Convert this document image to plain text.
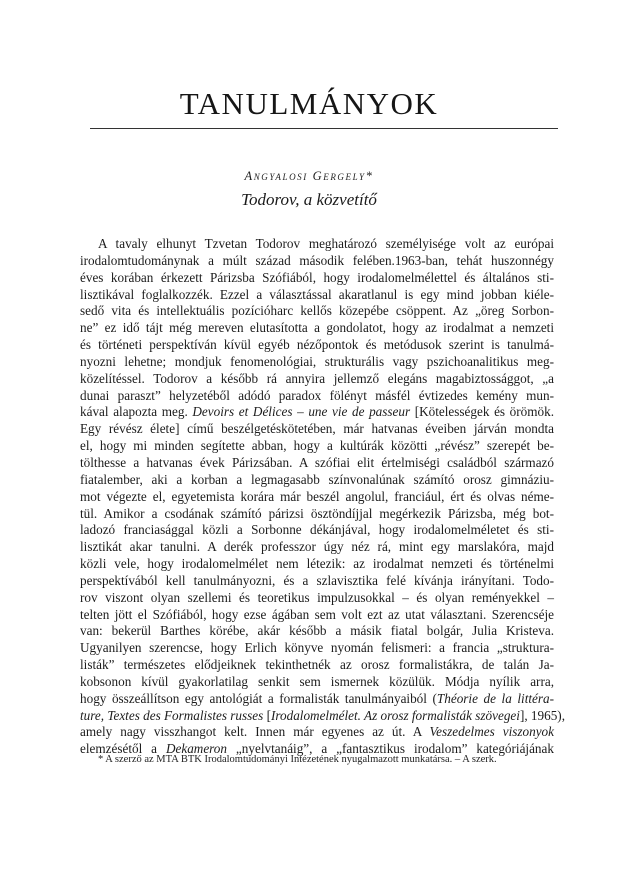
TANULMÁNYOK
Angyalosi Gergely*
Todorov, a közvetítő
A tavaly elhunyt Tzvetan Todorov meghatározó személyisége volt az európai
irodalomtudománynak a múlt század második felében.1963-ban, tehát huszonnégy
éves korában érkezett Párizsba Szófiából, hogy irodalomelmélettel és általános sti-
lisztikával foglalkozzék. Ezzel a választással akaratlanul is egy mind jobban kiéle-
sedő vita és intellektuális pozícióharc kellős közepébe csöppent. Az „öreg Sorbon-
ne” ez idő tájt még mereven elutasította a gondolatot, hogy az irodalmat a nemzeti
és történeti perspektíván kívül egyéb nézőpontok és metódusok szerint is tanulmá-
nyozni lehetne; mondjuk fenomenológiai, strukturális vagy pszichoanalitikus meg-
közelítéssel. Todorov a később rá annyira jellemző elegáns magabiztossággot, „a
dunai paraszt” helyzetéből adódó paradox fölényt másfél évtizedes kemény mun-
kával alapozta meg. Devoirs et Délices – une vie de passeur [Kötelességek és örömök.
Egy révész élete] című beszélgetéskötetében, már hatvanas éveiben járván mondta
el, hogy mi minden segítette abban, hogy a kultúrák közötti „révész” szerepét be-
tölthesse a hatvanas évek Párizsában. A szófiai elit értelmiségi családból származó
fiatalember, aki a korban a legmagasabb színvonalúnak számító orosz gimnáziu-
mot végezte el, egyetemista korára már beszél angolul, franciául, ért és olvas néme-
tül. Amikor a csodának számító párizsi ösztöndíjjal megérkezik Párizsba, még bot-
ladozó franciasággal közli a Sorbonne dékánjával, hogy irodalomelméletet és sti-
lisztikát akar tanulni. A derék professzor úgy néz rá, mint egy marslakóra, majd
közli vele, hogy irodalomelmélet nem létezik: az irodalmat nemzeti és történelmi
perspektívából kell tanulmányozni, és a szlavisztika felé kívánja irányítani. Todo-
rov viszont olyan szellemi és teoretikus impulzusokkal – és olyan reményekkel –
telten jött el Szófiából, hogy ezse ágában sem volt ezt az utat választani. Szerencséje
van: bekerül Barthes körébe, akár később a másik fiatal bolgár, Julia Kristeva.
Ugyanilyen szerencse, hogy Erlich könyve nyomán felismeri: a francia „struktura-
listák” természetes elődjeiknek tekinthetnék az orosz formalistákra, de talán Ja-
kobsonon kívül gyakorlatilag senkit sem ismernek közülük. Módja nyílik arra,
hogy összeállítson egy antológiát a formalisták tanulmányaiból (Théorie de la littéra-
ture, Textes des Formalistes russes [Irodalomelmélet. Az orosz formalisták szövegei], 1965),
amely nagy visszhangot kelt. Innen már egyenes az út. A Veszedelmes viszonyok
elemzésétől a Dekameron „nyelvtanáig”, a „fantasztikus irodalom” kategóriájának
* A szerző az MTA BTK Irodalomtudományi Intézetének nyugalmazott munkatársa. – A szerk.
